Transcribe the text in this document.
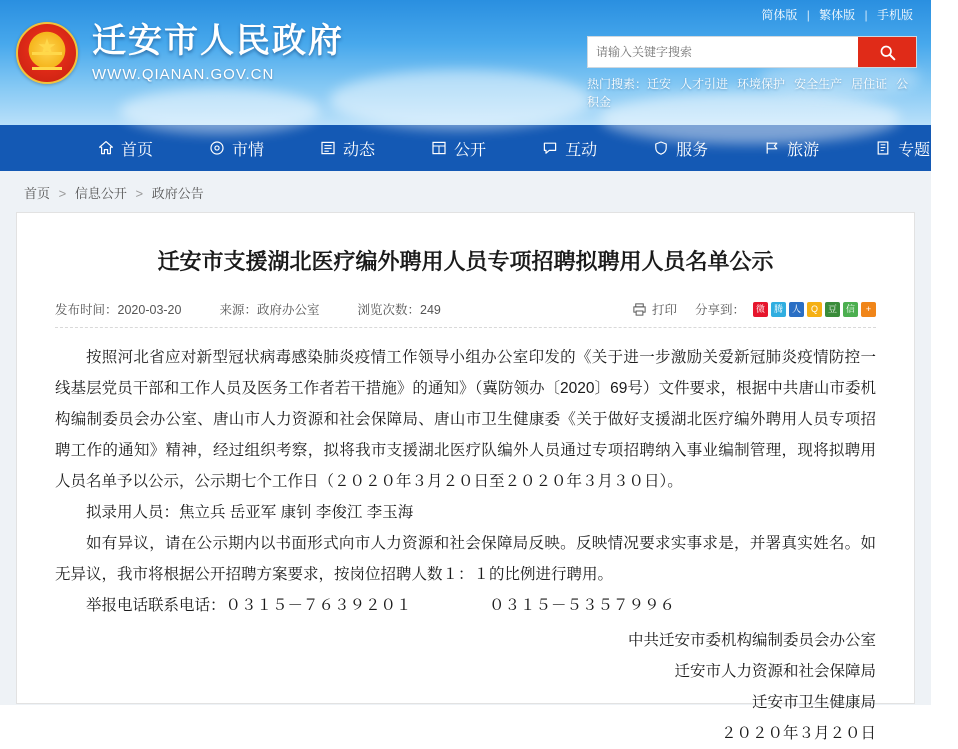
简体版 | 繁体版 | 手机版
★
迁安市人民政府
WWW.QIANAN.GOV.CN
请输入关键字搜索
热门搜素：迁安 人才引进 环境保护 安全生产 居住证 公积金
首页	市情	动态	公开	互动	服务	旅游	专题
首页 > 信息公开 > 政府公告
迁安市支援湖北医疗编外聘用人员专项招聘拟聘用人员名单公示
发布时间：2020-03-20	来源：政府办公室	浏览次数：249	打印 分享到：	微 腾 人	Q	豆 信	+

按照河北省应对新型冠状病毒感染肺炎疫情工作领导小组办公室印发的《关于进一步激励关爱新冠肺炎疫情防控一线基层党员干部和工作人员及医务工作者若干措施》的通知》（冀防领办〔2020〕69号）文件要求，根据中共唐山市委机构编制委员会办公室、唐山市人力资源和社会保障局、唐山市卫生健康委《关于做好支援湖北医疗编外聘用人员专项招聘工作的通知》精神，经过组织考察，拟将我市支援湖北医疗队编外人员通过专项招聘纳入事业编制管理，现将拟聘用人员名单予以公示，公示期七个工作日（２０２０年３月２０日至２０２０年３月３０日）。

拟录用人员：焦立兵 岳亚军 康钊 李俊江 李玉海

如有异议，请在公示期内以书面形式向市人力资源和社会保障局反映。反映情况要求实事求是，并署真实姓名。如无异议，我市将根据公开招聘方案要求，按岗位招聘人数１：１的比例进行聘用。

举报电话联系电话：０３１５－７６３９２０１　　　　　０３１５－５３５７９９６

中共迁安市委机构编制委员会办公室

迁安市人力资源和社会保障局

迁安市卫生健康局

２０２０年３月２０日
